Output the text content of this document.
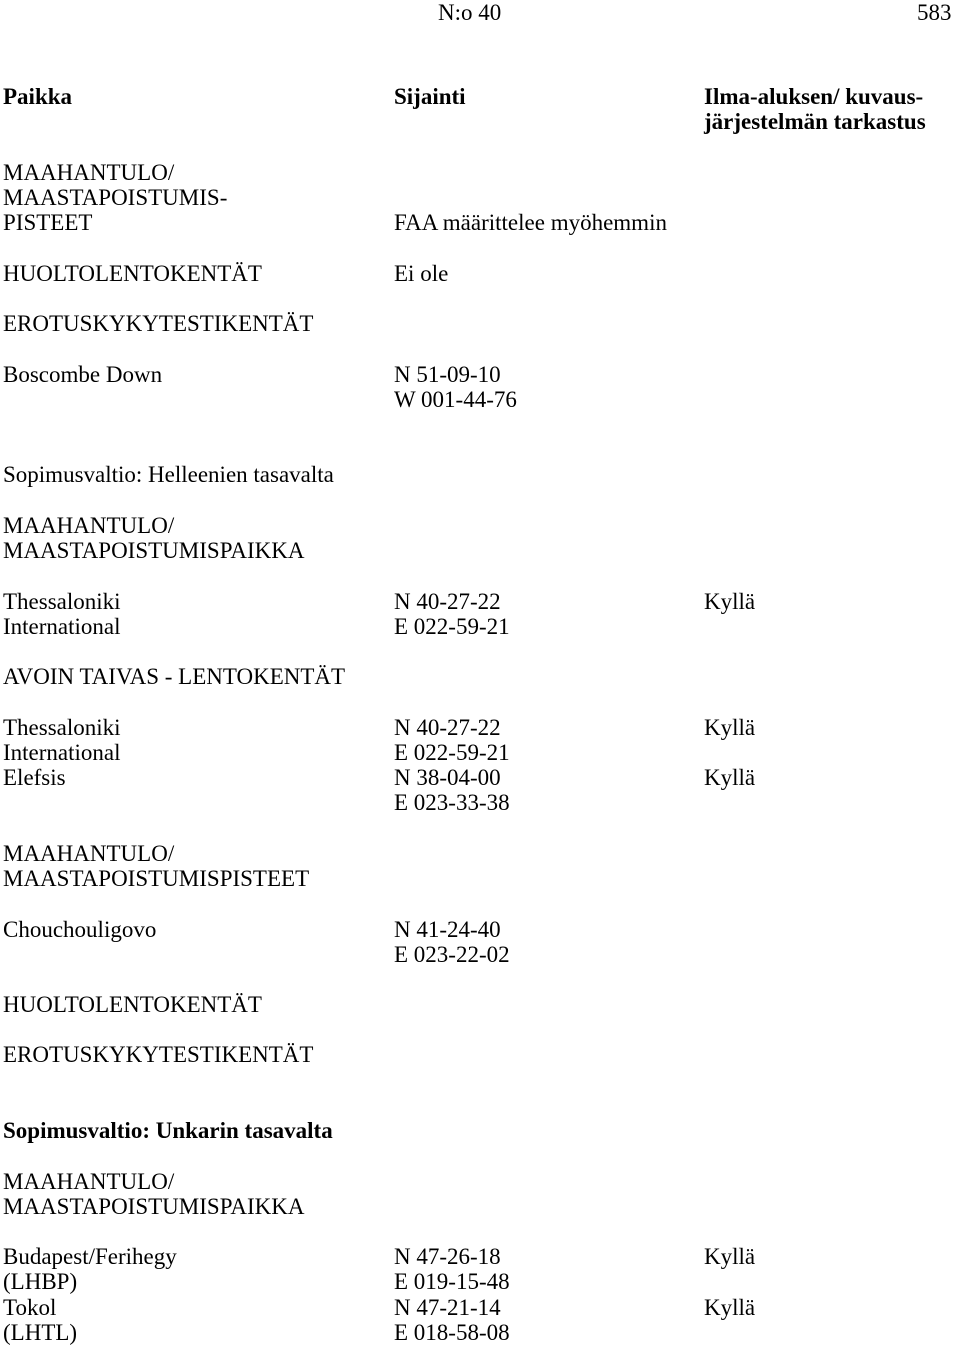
N:o 40	583
Paikka	Sijainti	Ilma-aluksen/ kuvaus-
järjestelmän tarkastus
MAAHANTULO/
MAASTAPOISTUMIS-
PISTEET	FAA määrittelee myöhemmin
HUOLTOLENTOKENTÄT	Ei ole
EROTUSKYKYTESTIKENTÄT
Boscombe Down	N 51-09-10
W 001-44-76
Sopimusvaltio: Helleenien tasavalta
MAAHANTULO/
MAASTAPOISTUMISPAIKKA
Thessaloniki	N 40-27-22	Kyllä
International	E 022-59-21
AVOIN TAIVAS - LENTOKENTÄT
Thessaloniki	N 40-27-22	Kyllä
International	E 022-59-21
Elefsis	N 38-04-00	Kyllä
E 023-33-38
MAAHANTULO/
MAASTAPOISTUMISPISTEET
Chouchouligovo	N 41-24-40
E 023-22-02
HUOLTOLENTOKENTÄT
EROTUSKYKYTESTIKENTÄT
Sopimusvaltio: Unkarin tasavalta
MAAHANTULO/
MAASTAPOISTUMISPAIKKA
Budapest/Ferihegy	N 47-26-18	Kyllä
(LHBP)	E 019-15-48
Tokol	N 47-21-14	Kyllä
(LHTL)	E 018-58-08
